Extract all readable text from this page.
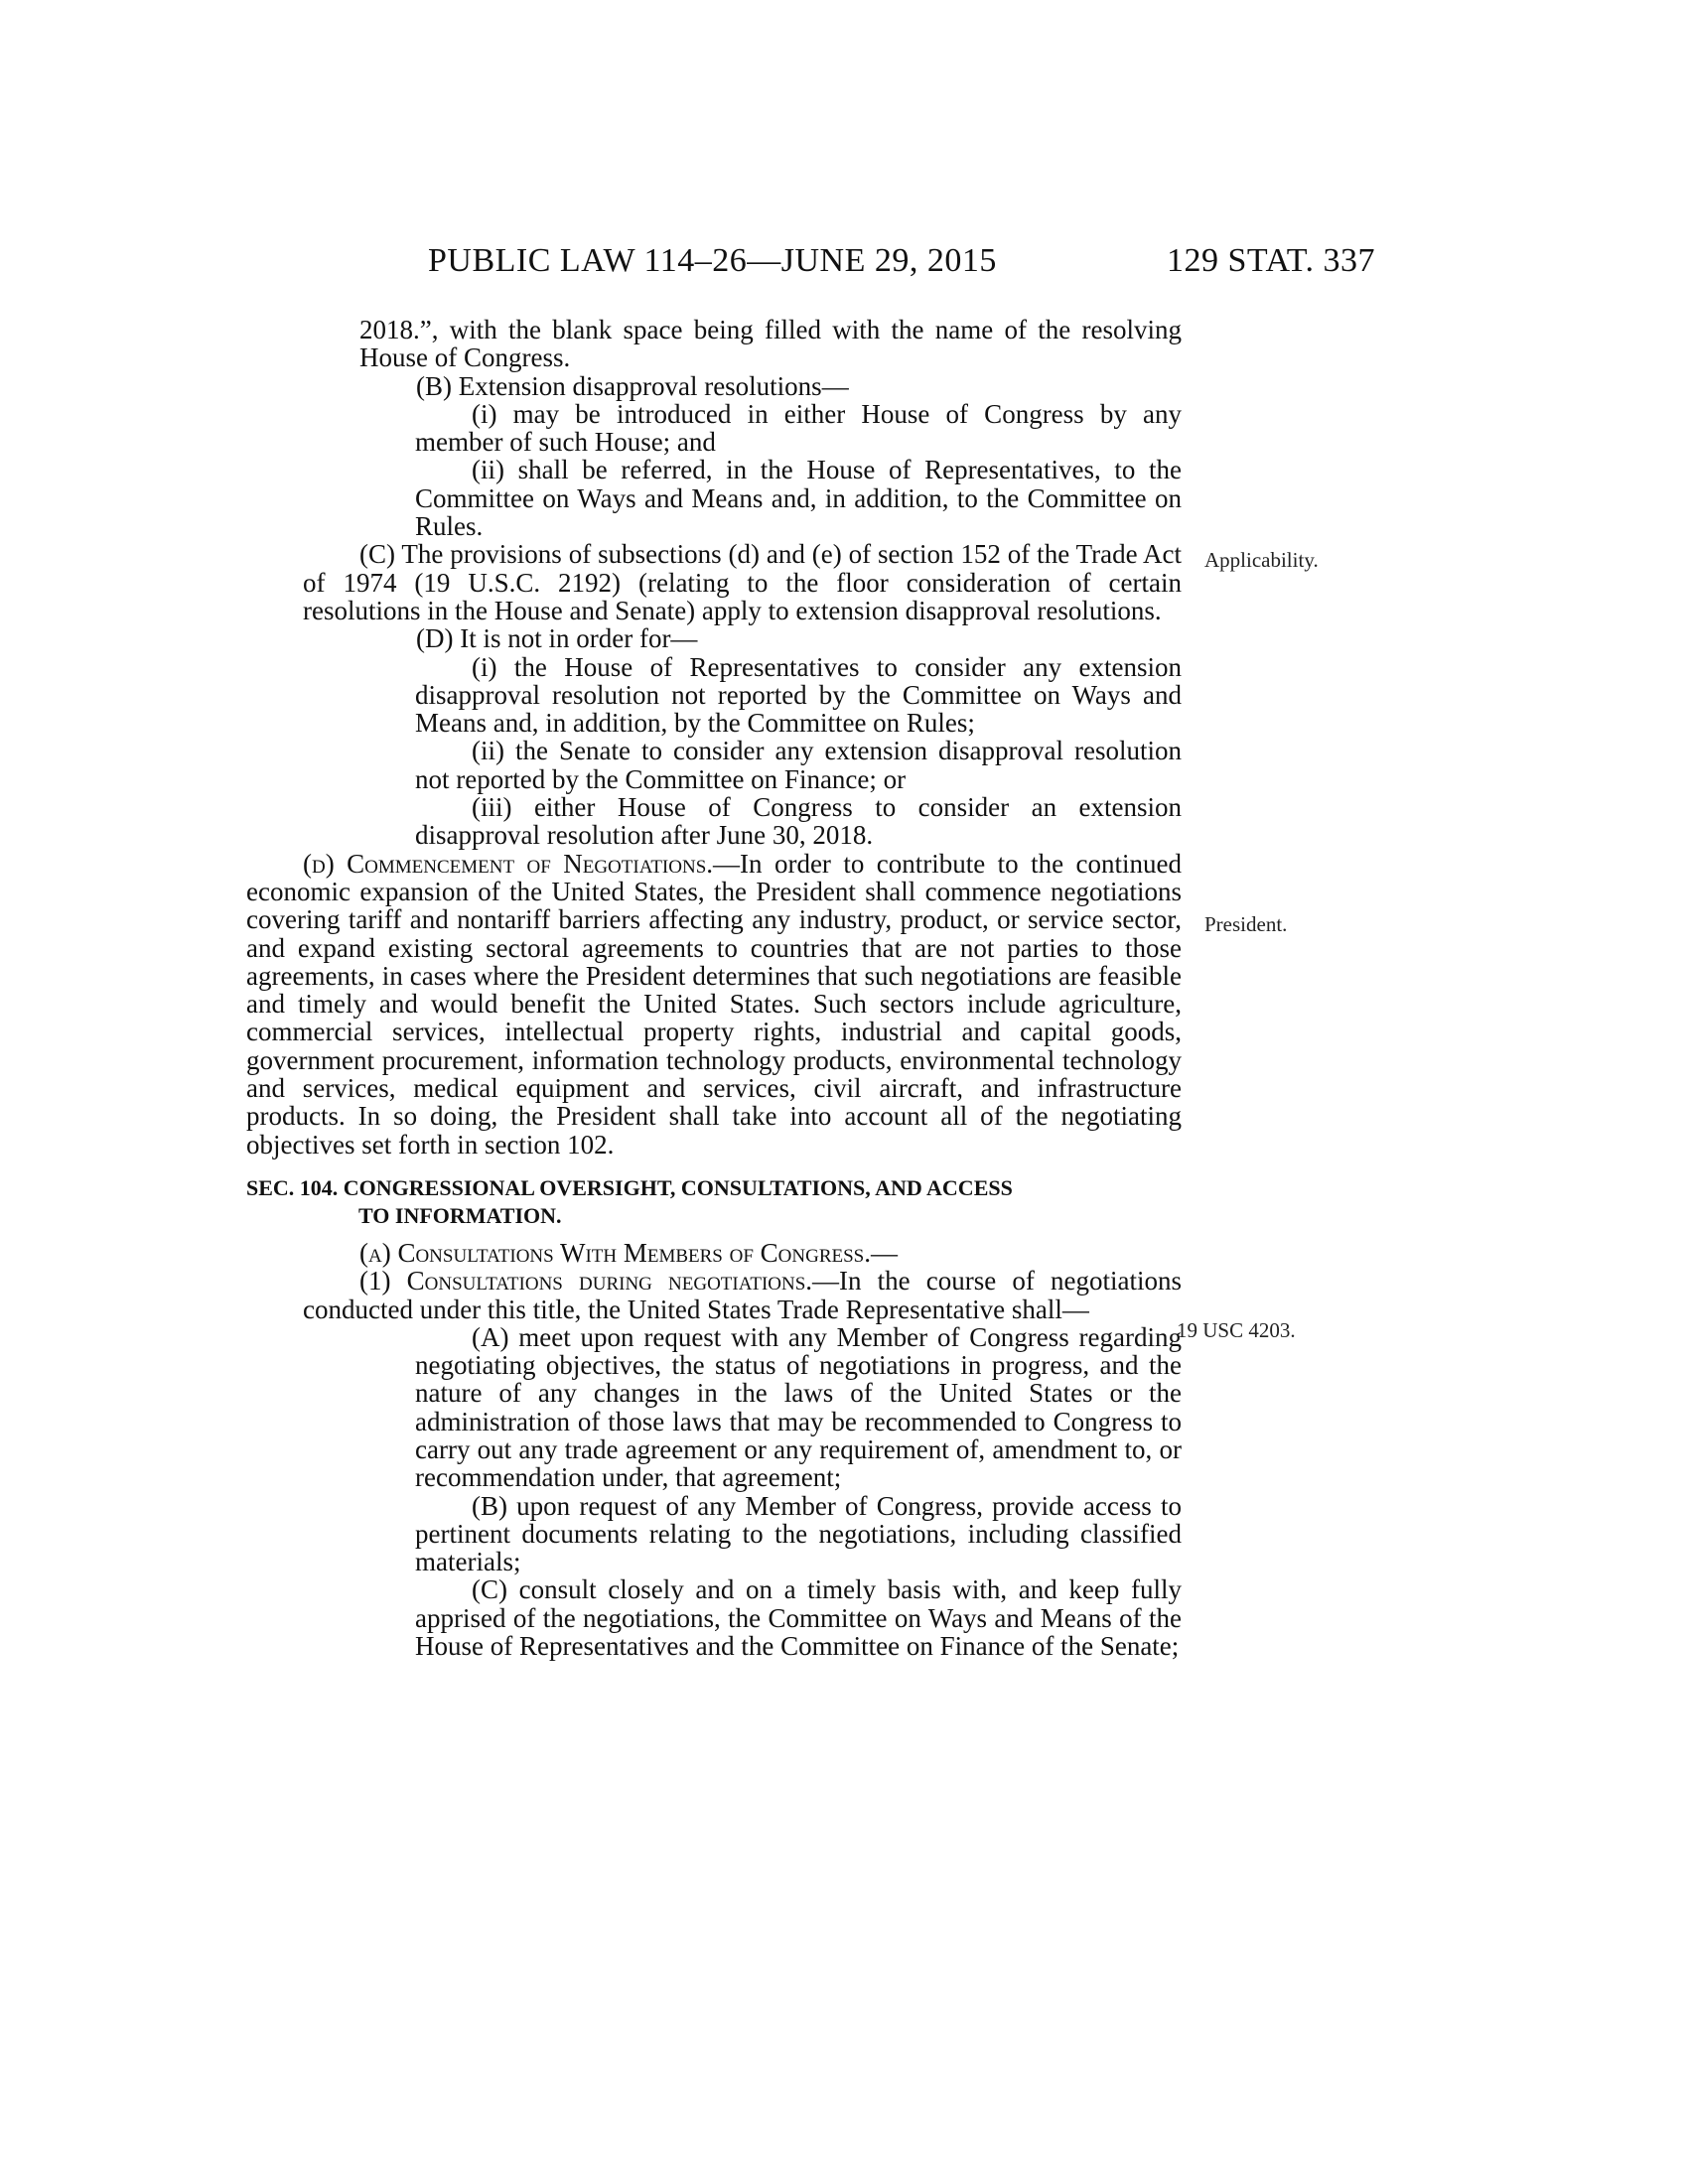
PUBLIC LAW 114–26—JUNE 29, 2015	129 STAT. 337
Applicability.
President.
19 USC 4203.

2018.”, with the blank space being filled with the name of the resolving House of Congress.

(B) Extension disapproval resolutions—

(i) may be introduced in either House of Congress by any member of such House; and

(ii) shall be referred, in the House of Representatives, to the Committee on Ways and Means and, in addition, to the Committee on Rules.

(C) The provisions of subsections (d) and (e) of section 152 of the Trade Act of 1974 (19 U.S.C. 2192) (relating to the floor consideration of certain resolutions in the House and Senate) apply to extension disapproval resolutions.

(D) It is not in order for—

(i) the House of Representatives to consider any extension disapproval resolution not reported by the Committee on Ways and Means and, in addition, by the Committee on Rules;

(ii) the Senate to consider any extension disapproval resolution not reported by the Committee on Finance; or

(iii) either House of Congress to consider an extension disapproval resolution after June 30, 2018.

(d) Commencement of Negotiations.—In order to contribute to the continued economic expansion of the United States, the President shall commence negotiations covering tariff and nontariff barriers affecting any industry, product, or service sector, and expand existing sectoral agreements to countries that are not parties to those agreements, in cases where the President determines that such negotiations are feasible and timely and would benefit the United States. Such sectors include agriculture, commercial services, intellectual property rights, industrial and capital goods, government procurement, information technology products, environmental technology and services, medical equipment and services, civil aircraft, and infrastructure products. In so doing, the President shall take into account all of the negotiating objectives set forth in section 102.

SEC. 104. CONGRESSIONAL OVERSIGHT, CONSULTATIONS, AND ACCESS
TO INFORMATION.

(a) Consultations With Members of Congress.—

(1) Consultations during negotiations.—In the course of negotiations conducted under this title, the United States Trade Representative shall—

(A) meet upon request with any Member of Congress regarding negotiating objectives, the status of negotiations in progress, and the nature of any changes in the laws of the United States or the administration of those laws that may be recommended to Congress to carry out any trade agreement or any requirement of, amendment to, or recommendation under, that agreement;

(B) upon request of any Member of Congress, provide access to pertinent documents relating to the negotiations, including classified materials;

(C) consult closely and on a timely basis with, and keep fully apprised of the negotiations, the Committee on Ways and Means of the House of Representatives and the Committee on Finance of the Senate;
